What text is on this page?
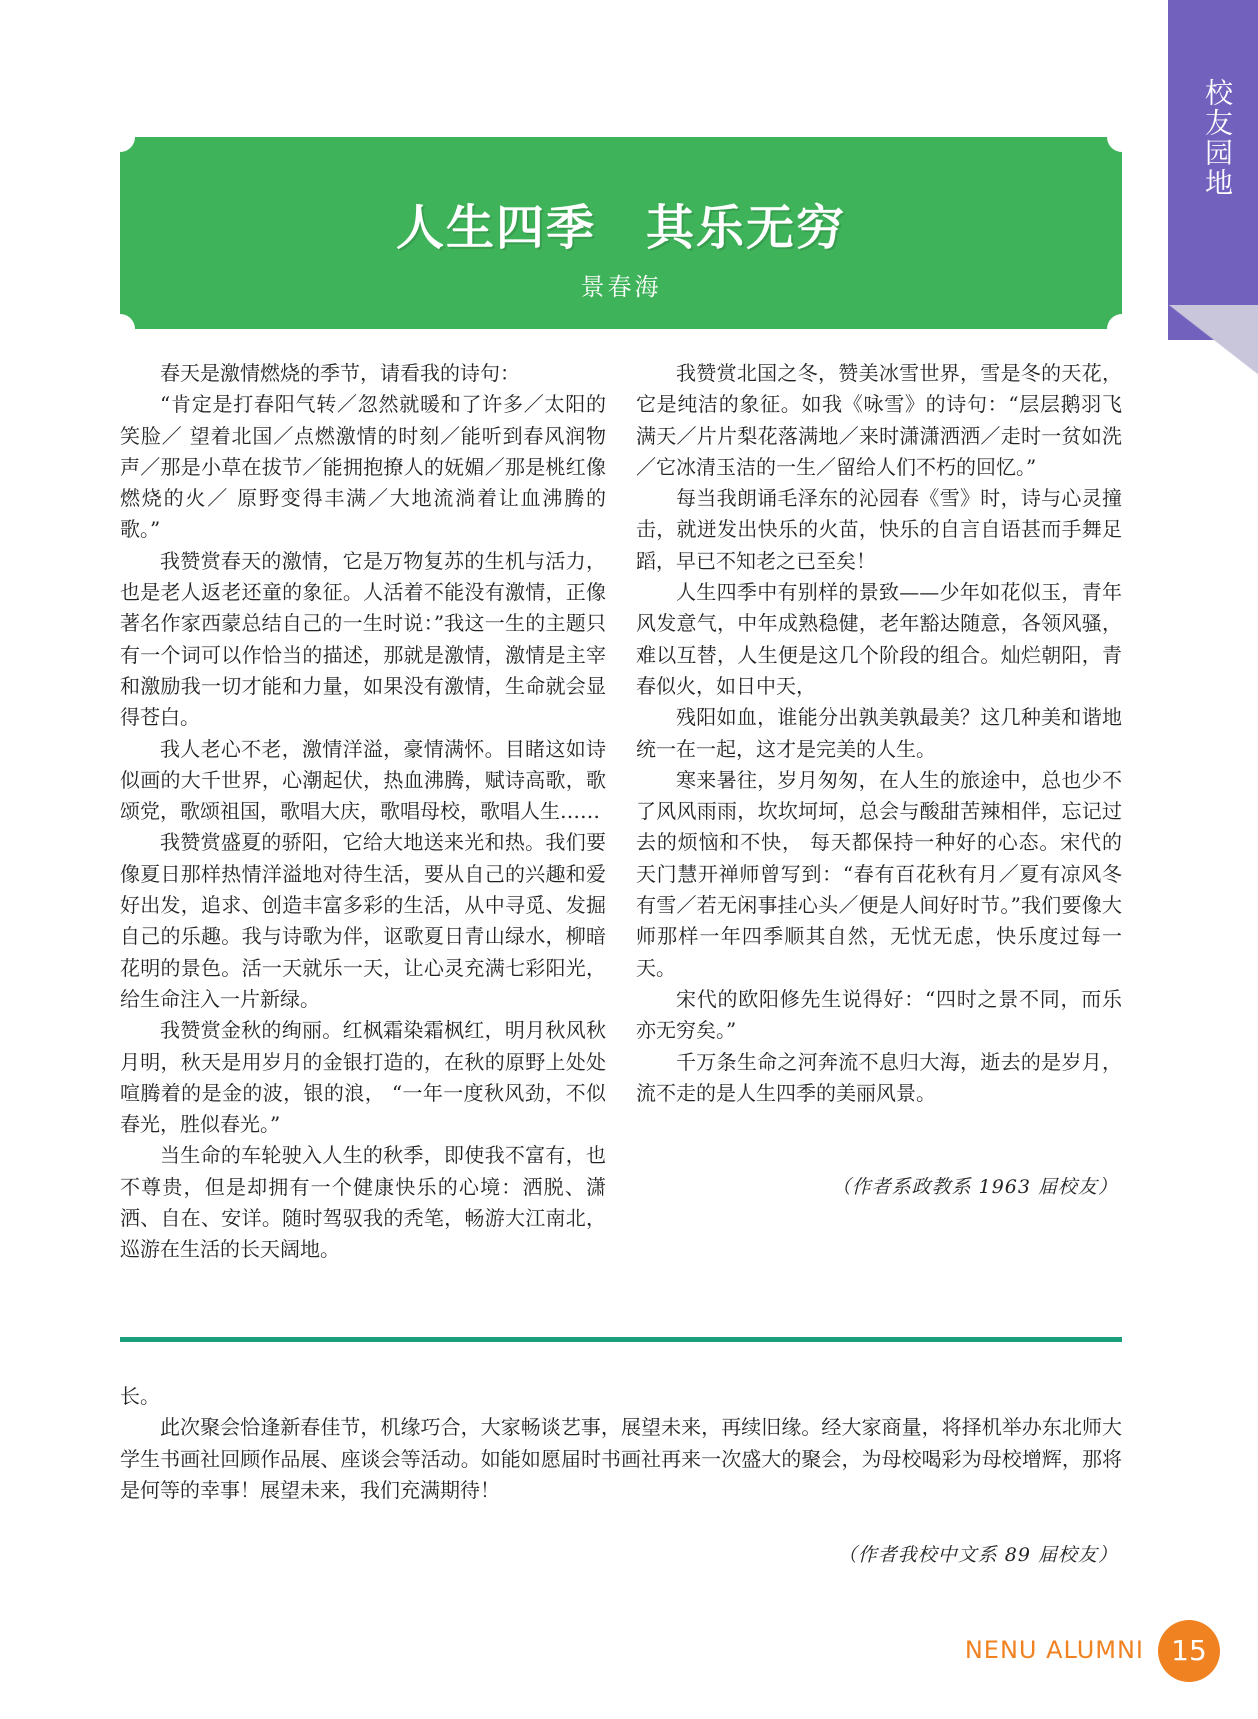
校友园地
人生四季　其乐无穷
景春海

春天是激情燃烧的季节，请看我的诗句：

“肯定是打春阳气转／忽然就暖和了许多／太阳的笑脸／ 望着北国／点燃激情的时刻／能听到春风润物声／那是小草在拔节／能拥抱撩人的妩媚／那是桃红像燃烧的火／ 原野变得丰满／大地流淌着让血沸腾的歌。”

我赞赏春天的激情，它是万物复苏的生机与活力，也是老人返老还童的象征。人活着不能没有激情，正像著名作家西蒙总结自己的一生时说：”我这一生的主题只有一个词可以作恰当的描述，那就是激情，激情是主宰和激励我一切才能和力量，如果没有激情，生命就会显得苍白。

我人老心不老，激情洋溢，豪情满怀。目睹这如诗似画的大千世界，心潮起伏，热血沸腾，赋诗高歌，歌颂党，歌颂祖国，歌唱大庆，歌唱母校，歌唱人生……

我赞赏盛夏的骄阳，它给大地送来光和热。我们要像夏日那样热情洋溢地对待生活，要从自己的兴趣和爱好出发，追求、创造丰富多彩的生活，从中寻觅、发掘自己的乐趣。我与诗歌为伴，讴歌夏日青山绿水，柳暗花明的景色。活一天就乐一天，让心灵充满七彩阳光，给生命注入一片新绿。

我赞赏金秋的绚丽。红枫霜染霜枫红，明月秋风秋月明，秋天是用岁月的金银打造的，在秋的原野上处处喧腾着的是金的波，银的浪， “一年一度秋风劲，不似春光，胜似春光。”

当生命的车轮驶入人生的秋季，即使我不富有，也不尊贵，但是却拥有一个健康快乐的心境：洒脱、潇洒、自在、安详。随时驾驭我的秃笔，畅游大江南北，巡游在生活的长天阔地。

我赞赏北国之冬，赞美冰雪世界，雪是冬的天花，它是纯洁的象征。如我《咏雪》的诗句：“层层鹅羽飞满天／片片梨花落满地／来时潇潇洒洒／走时一贫如洗／它冰清玉洁的一生／留给人们不朽的回忆。”

每当我朗诵毛泽东的沁园春《雪》时，诗与心灵撞击，就迸发出快乐的火苗，快乐的自言自语甚而手舞足蹈，早已不知老之已至矣！

人生四季中有别样的景致——少年如花似玉，青年风发意气，中年成熟稳健，老年豁达随意，各领风骚，难以互替，人生便是这几个阶段的组合。灿烂朝阳，青春似火，如日中天，

残阳如血，谁能分出孰美孰最美？这几种美和谐地统一在一起，这才是完美的人生。

寒来暑往，岁月匆匆，在人生的旅途中，总也少不了风风雨雨，坎坎坷坷，总会与酸甜苦辣相伴，忘记过去的烦恼和不快， 每天都保持一种好的心态。宋代的天门慧开禅师曾写到：“春有百花秋有月／夏有凉风冬有雪／若无闲事挂心头／便是人间好时节。”我们要像大师那样一年四季顺其自然，无忧无虑，快乐度过每一天。

宋代的欧阳修先生说得好：“四时之景不同，而乐亦无穷矣。”

千万条生命之河奔流不息归大海，逝去的是岁月，流不走的是人生四季的美丽风景。

（作者系政教系 1963 届校友）

长。

此次聚会恰逢新春佳节，机缘巧合，大家畅谈艺事，展望未来，再续旧缘。经大家商量，将择机举办东北师大学生书画社回顾作品展、座谈会等活动。如能如愿届时书画社再来一次盛大的聚会，为母校喝彩为母校增辉，那将是何等的幸事！展望未来，我们充满期待！

（作者我校中文系 89 届校友）
NENU ALUMNI 15
